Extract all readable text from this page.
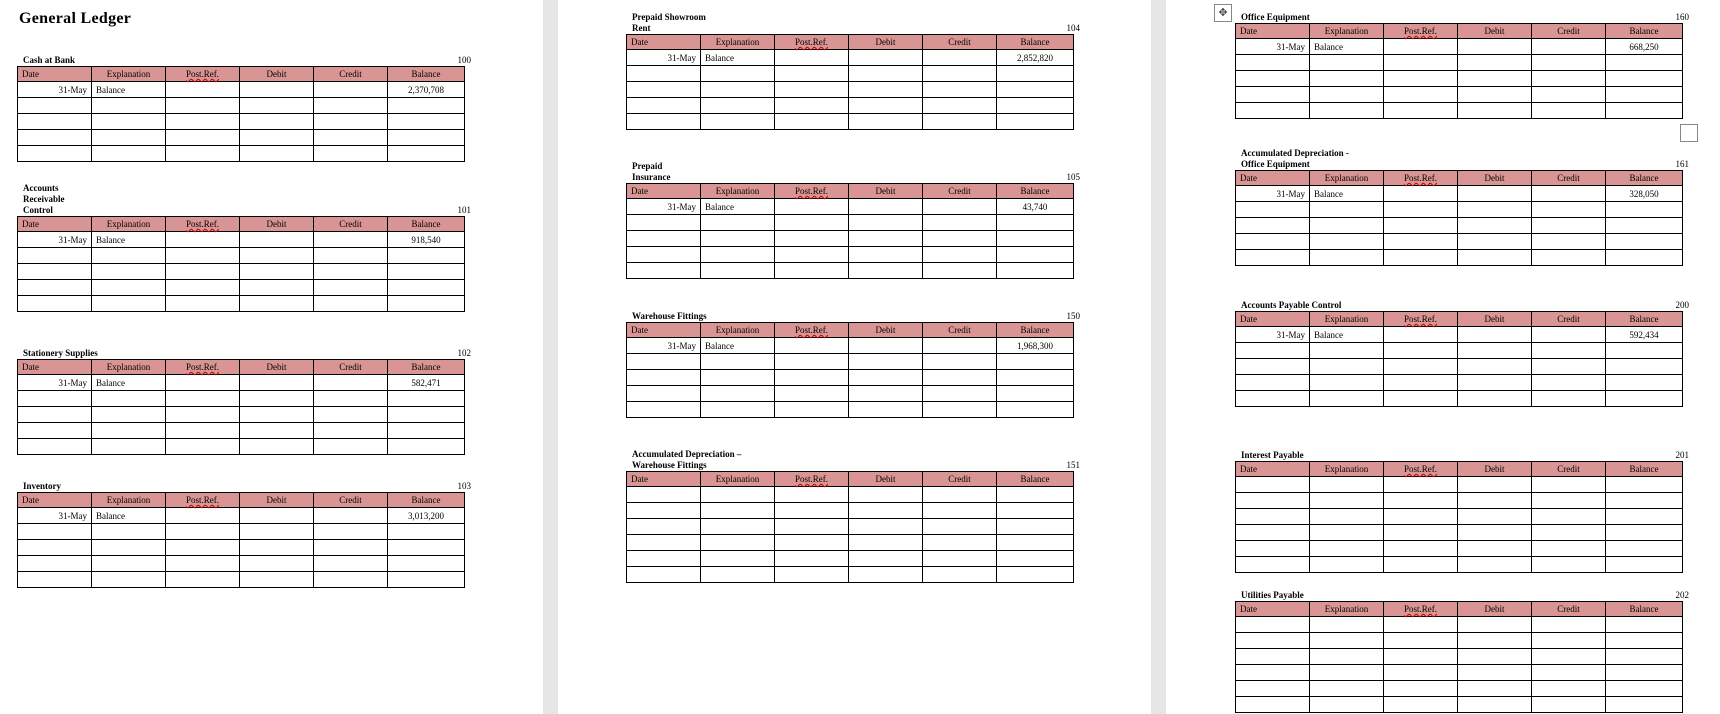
General Ledger	✥
Cash at Bank	100
Date	Explanation	Post.Ref.	Debit	Credit	Balance
31-May	Balance				2,370,708

Accounts
Receivable
Control	101
Date	Explanation	Post.Ref.	Debit	Credit	Balance
31-May	Balance				918,540

Stationery Supplies	102
Date	Explanation	Post.Ref.	Debit	Credit	Balance
31-May	Balance				582,471

Inventory	103
Date	Explanation	Post.Ref.	Debit	Credit	Balance
31-May	Balance				3,013,200

Prepaid Showroom
Rent	104
Date	Explanation	Post.Ref.	Debit	Credit	Balance
31-May	Balance				2,852,820

Prepaid
Insurance	105
Date	Explanation	Post.Ref.	Debit	Credit	Balance
31-May	Balance				43,740

Warehouse Fittings	150
Date	Explanation	Post.Ref.	Debit	Credit	Balance
31-May	Balance				1,968,300

Accumulated Depreciation –
Warehouse Fittings	151
Date	Explanation	Post.Ref.	Debit	Credit	Balance

Office Equipment	160
Date	Explanation	Post.Ref.	Debit	Credit	Balance
31-May	Balance				668,250

Accumulated Depreciation -
Office Equipment	161
Date	Explanation	Post.Ref.	Debit	Credit	Balance
31-May	Balance				328,050

Accounts Payable Control	200
Date	Explanation	Post.Ref.	Debit	Credit	Balance
31-May	Balance				592,434

Interest Payable	201
Date	Explanation	Post.Ref.	Debit	Credit	Balance

Utilities Payable	202
Date	Explanation	Post.Ref.	Debit	Credit	Balance
